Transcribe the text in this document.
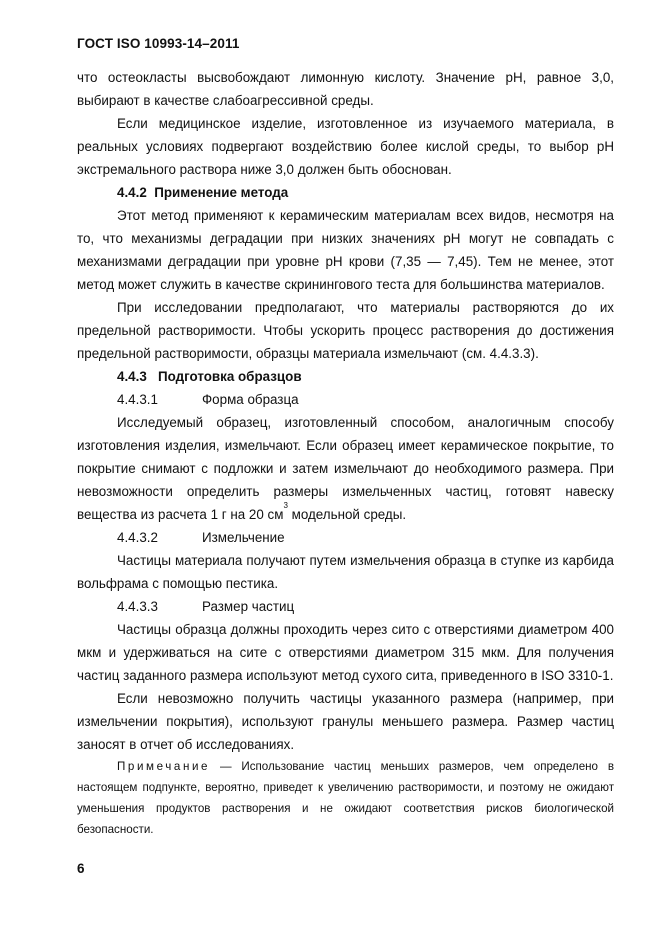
ГОСТ ISO 10993-14–2011

что остеокласты высвобождают лимонную кислоту. Значение рН, равное 3,0, выбирают в качестве слабоагрессивной среды.

Если медицинское изделие, изготовленное из изучаемого материала, в реальных условиях подвергают воздействию более кислой среды, то выбор рН экстремального раствора ниже 3,0 должен быть обоснован.

4.4.2 Применение метода

Этот метод применяют к керамическим материалам всех видов, несмотря на то, что механизмы деградации при низких значениях рН могут не совпадать с механизмами деградации при уровне рН крови (7,35 — 7,45). Тем не менее, этот метод может служить в качестве скринингового теста для большинства материалов.

При исследовании предполагают, что материалы растворяются до их предельной растворимости. Чтобы ускорить процесс растворения до достижения предельной растворимости, образцы материала измельчают (см. 4.4.3.3).

4.4.3 Подготовка образцов

4.4.3.1	Форма образца

Исследуемый образец, изготовленный способом, аналогичным способу изготовления изделия, измельчают. Если образец имеет керамическое покрытие, то покрытие снимают с подложки и затем измельчают до необходимого размера. При невозможности определить размеры измельченных частиц, готовят навеску вещества из расчета 1 г на 20 $см^3$ модельной среды.

4.4.3.2	Измельчение

Частицы материала получают путем измельчения образца в ступке из карбида вольфрама с помощью пестика.

4.4.3.3	Размер частиц

Частицы образца должны проходить через сито с отверстиями диаметром 400 мкм и удерживаться на сите с отверстиями диаметром 315 мкм. Для получения частиц заданного размера используют метод сухого сита, приведенного в ISO 3310-1.

Если невозможно получить частицы указанного размера (например, при измельчении покрытия), используют гранулы меньшего размера. Размер частиц заносят в отчет об исследованиях.

Примечание — Использование частиц меньших размеров, чем определено в настоящем подпункте, вероятно, приведет к увеличению растворимости, и поэтому не ожидают уменьшения продуктов растворения и не ожидают соответствия рисков биологической безопасности.

6
